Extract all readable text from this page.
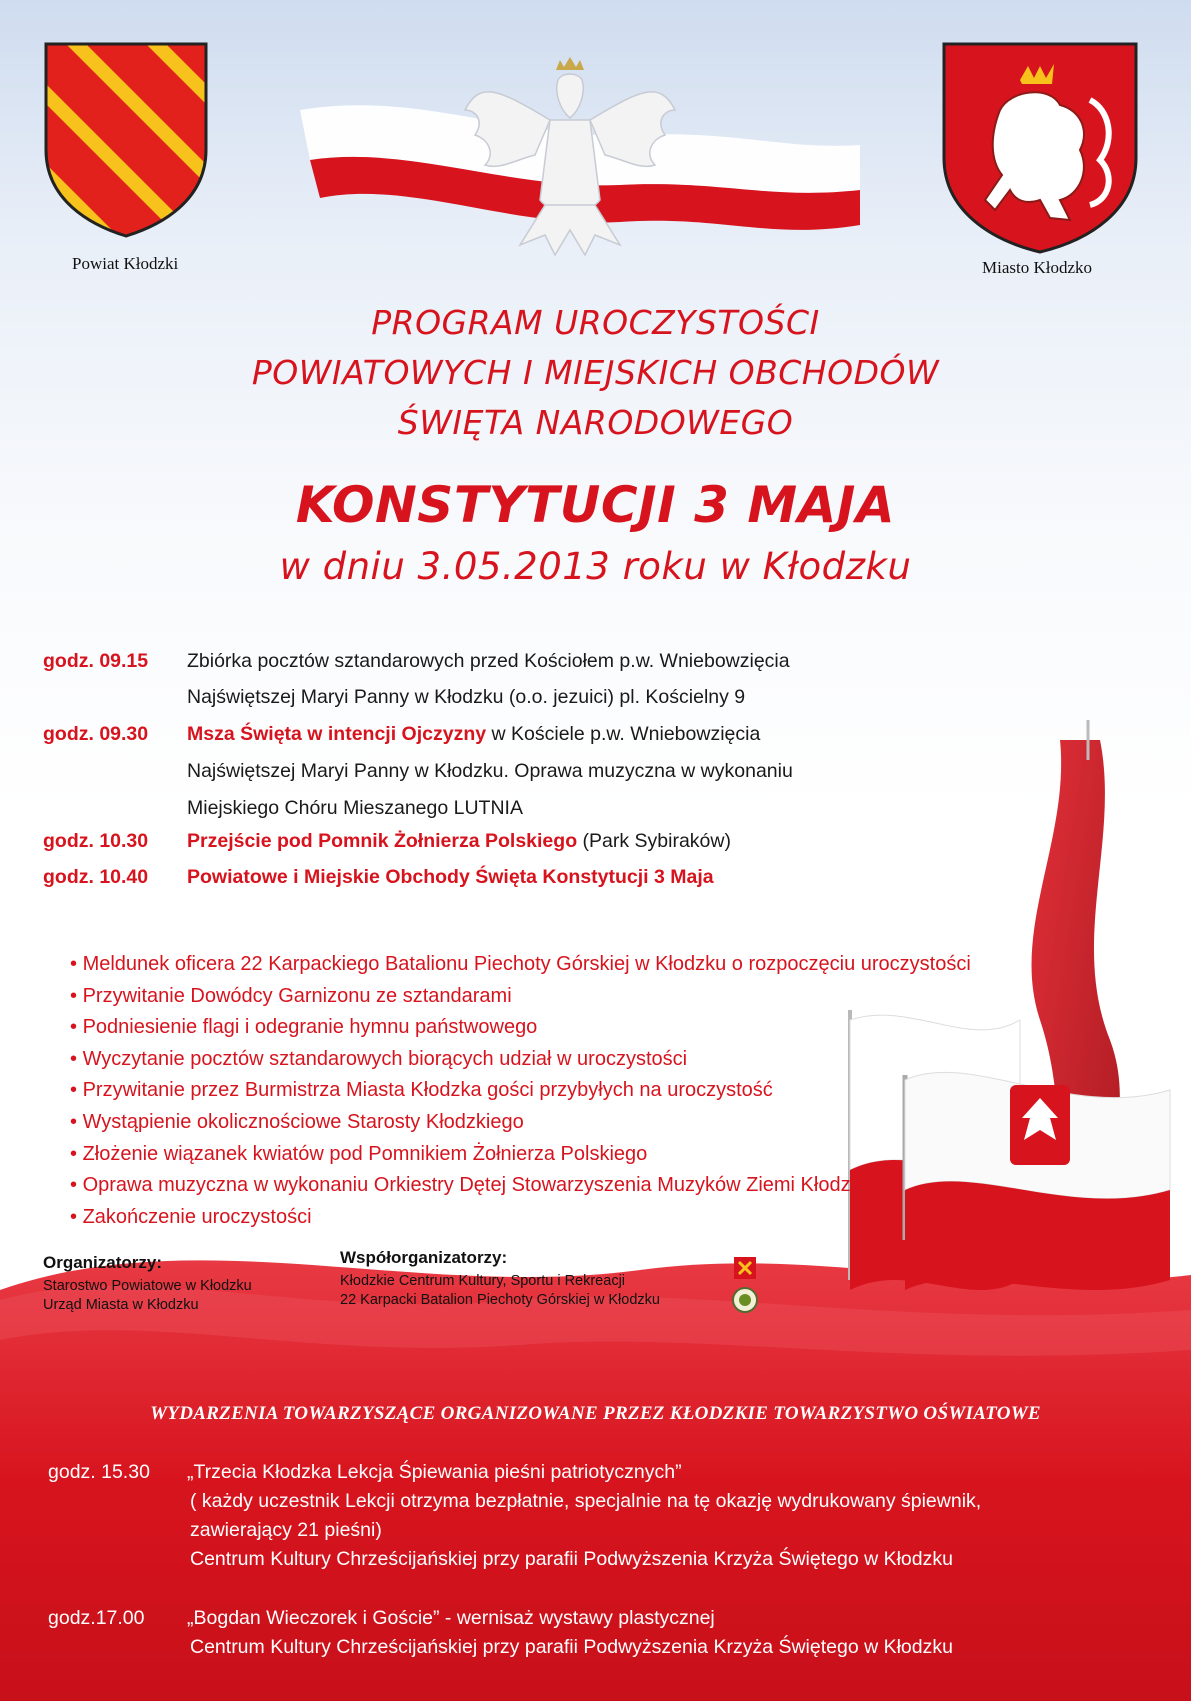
Powiat Kłodzki	Miasto Kłodzko
PROGRAM UROCZYSTOŚCI
POWIATOWYCH I MIEJSKICH OBCHODÓW
ŚWIĘTA NARODOWEGO
KONSTYTUCJI 3 MAJA
w dniu 3.05.2013 roku w Kłodzku
godz. 09.15	Zbiórka pocztów sztandarowych przed Kościołem p.w. Wniebowzięcia
Najświętszej Maryi Panny w Kłodzku (o.o. jezuici) pl. Kościelny 9
godz. 09.30	Msza Święta w intencji Ojczyzny w Kościele p.w. Wniebowzięcia
Najświętszej Maryi Panny w Kłodzku. Oprawa muzyczna w wykonaniu
Miejskiego Chóru Mieszanego LUTNIA
godz. 10.30	Przejście pod Pomnik Żołnierza Polskiego (Park Sybiraków)
godz. 10.40	Powiatowe i Miejskie Obchody Święta Konstytucji 3 Maja
• Meldunek oficera 22 Karpackiego Batalionu Piechoty Górskiej w Kłodzku o rozpoczęciu uroczystości
• Przywitanie Dowódcy Garnizonu ze sztandarami
• Podniesienie flagi i odegranie hymnu państwowego
• Wyczytanie pocztów sztandarowych biorących udział w uroczystości
• Przywitanie przez Burmistrza Miasta Kłodzka gości przybyłych na uroczystość
• Wystąpienie okolicznościowe Starosty Kłodzkiego
• Złożenie wiązanek kwiatów pod Pomnikiem Żołnierza Polskiego
• Oprawa muzyczna w wykonaniu Orkiestry Dętej Stowarzyszenia Muzyków Ziemi Kłodzkiej
• Zakończenie uroczystości
Organizatorzy:
Starostwo Powiatowe w Kłodzku
Urząd Miasta w Kłodzku
Współorganizatorzy:
Kłodzkie Centrum Kultury, Sportu i Rekreacji
22 Karpacki Batalion Piechoty Górskiej w Kłodzku
WYDARZENIA TOWARZYSZĄCE ORGANIZOWANE PRZEZ KŁODZKIE TOWARZYSTWO OŚWIATOWE
godz. 15.30 „Trzecia Kłodzka Lekcja Śpiewania pieśni patriotycznych”
( każdy uczestnik Lekcji otrzyma bezpłatnie, specjalnie na tę okazję wydrukowany śpiewnik,
zawierający 21 pieśni)
Centrum Kultury Chrześcijańskiej przy parafii Podwyższenia Krzyża Świętego w Kłodzku
godz.17.00 „Bogdan Wieczorek i Goście” - wernisaż wystawy plastycznej
Centrum Kultury Chrześcijańskiej przy parafii Podwyższenia Krzyża Świętego w Kłodzku
